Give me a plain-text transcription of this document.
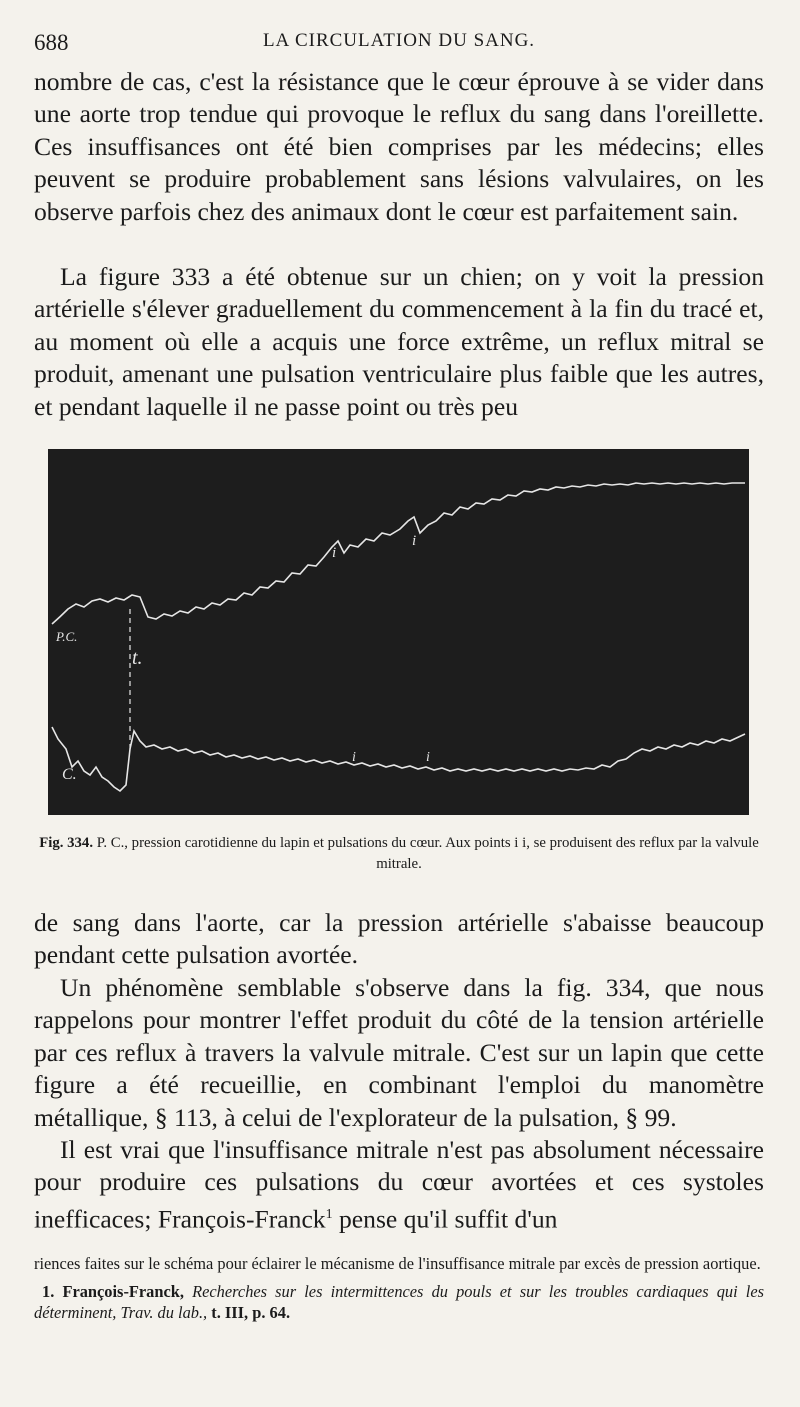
688	LA CIRCULATION DU SANG.

nombre de cas, c'est la résistance que le cœur éprouve à se vider dans une aorte trop tendue qui provoque le reflux du sang dans l'oreillette. Ces insuffisances ont été bien comprises par les médecins; elles peuvent se produire probablement sans lésions valvulaires, on les observe parfois chez des animaux dont le cœur est parfaitement sain.

La figure 333 a été obtenue sur un chien; on y voit la pression artérielle s'élever graduellement du commencement à la fin du tracé et, au moment où elle a acquis une force extrême, un reflux mitral se produit, amenant une pulsation ventriculaire plus faible que les autres, et pendant laquelle il ne passe point ou très peu

P.C.
t.
C.
i
i
i	i
Fig. 334. P. C., pression carotidienne du lapin et pulsations du cœur. Aux points i i, se produisent des reflux par la valvule mitrale.

de sang dans l'aorte, car la pression artérielle s'abaisse beaucoup pendant cette pulsation avortée.

Un phénomène semblable s'observe dans la fig. 334, que nous rappelons pour montrer l'effet produit du côté de la tension artérielle par ces reflux à travers la valvule mitrale. C'est sur un lapin que cette figure a été recueillie, en combinant l'emploi du manomètre métallique, § 113, à celui de l'explorateur de la pulsation, § 99.

Il est vrai que l'insuffisance mitrale n'est pas absolument nécessaire pour produire ces pulsations du cœur avortées et ces systoles inefficaces; François-Franck$^1$ pense qu'il suffit d'un

riences faites sur le schéma pour éclairer le mécanisme de l'insuffisance mitrale par excès de pression aortique.

1. François-Franck, Recherches sur les intermittences du pouls et sur les troubles cardiaques qui les déterminent, Trav. du lab., t. III, p. 64.
